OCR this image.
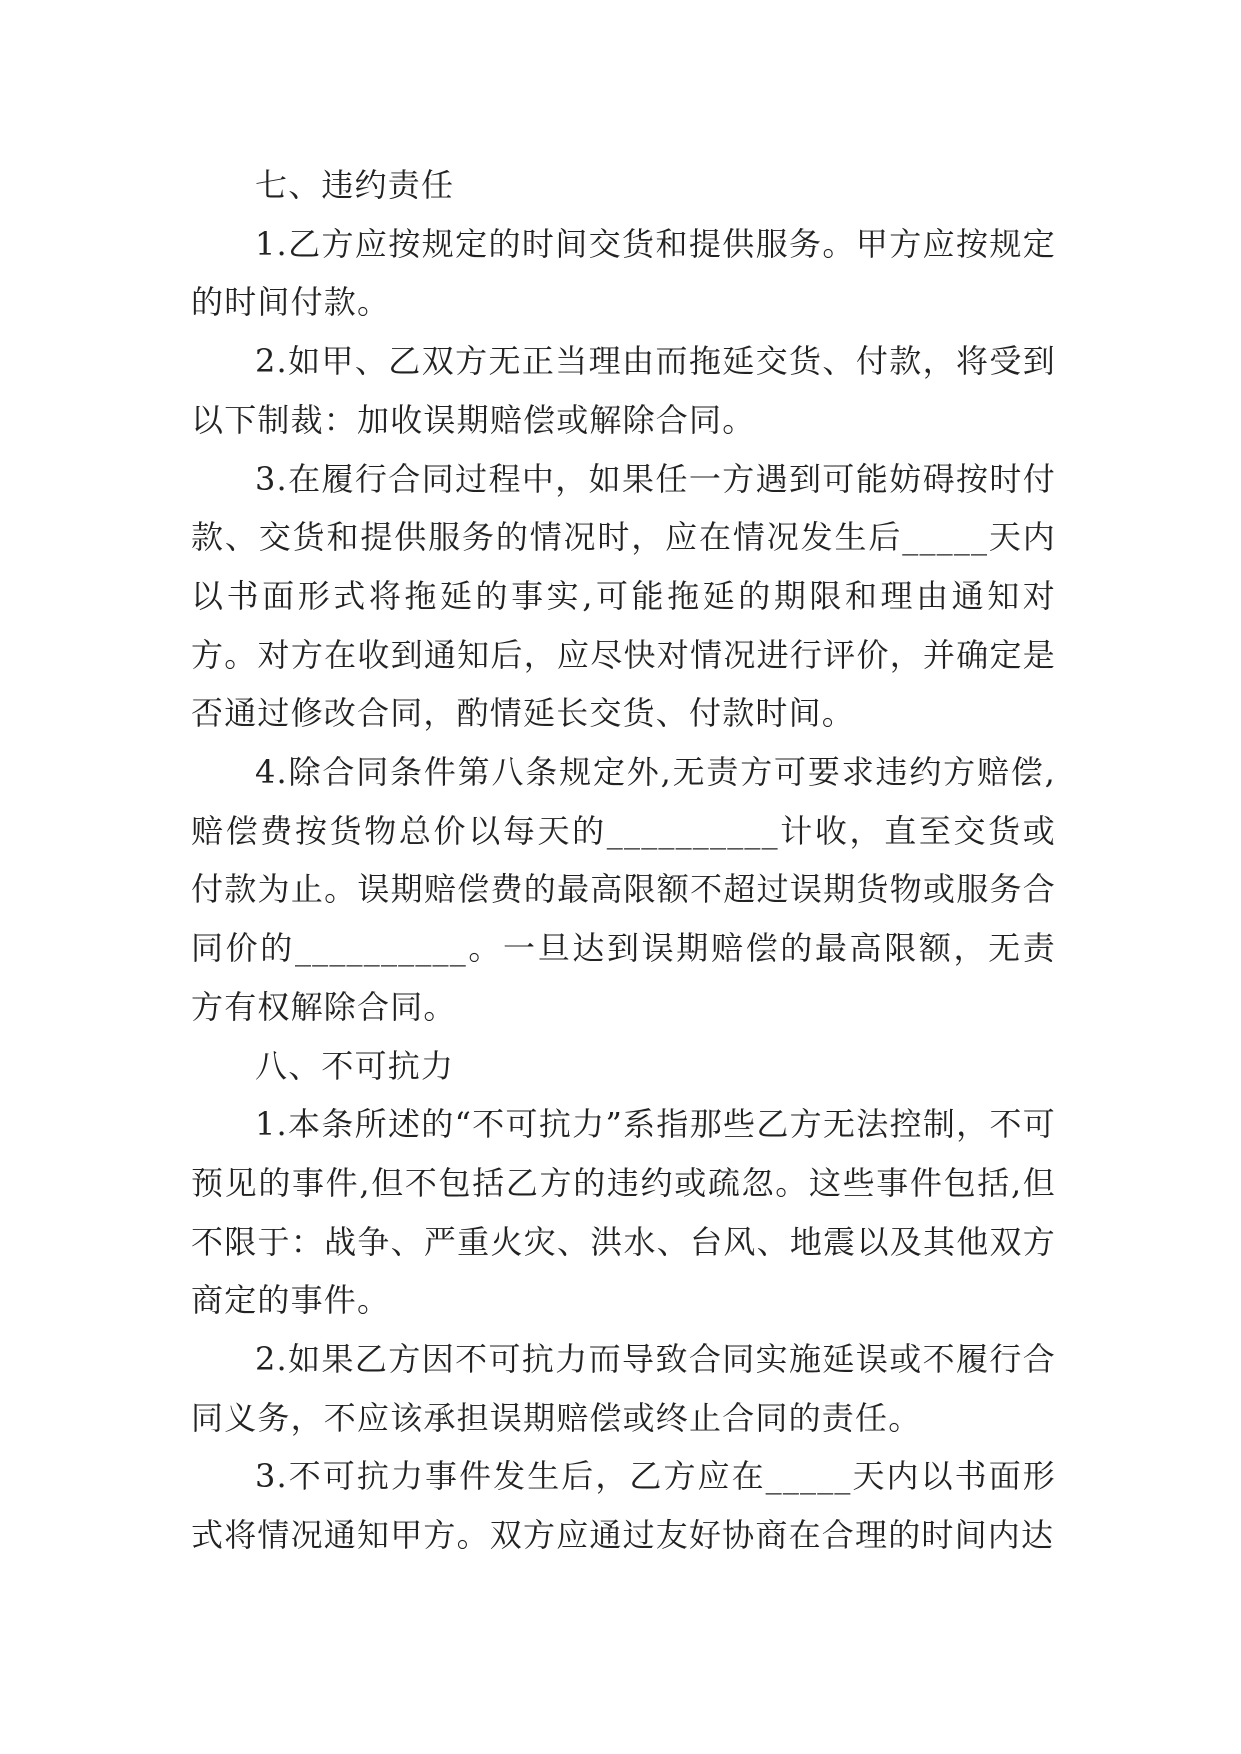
七、违约责任

1.乙方应按规定的时间交货和提供服务。甲方应按规定的时间付款。

2.如甲、乙双方无正当理由而拖延交货、付款，将受到以下制裁：加收误期赔偿或解除合同。

3.在履行合同过程中，如果任一方遇到可能妨碍按时付款、交货和提供服务的情况时，应在情况发生后_____天内以书面形式将拖延的事实,可能拖延的期限和理由通知对方。对方在收到通知后，应尽快对情况进行评价，并确定是否通过修改合同，酌情延长交货、付款时间。

4.除合同条件第八条规定外,无责方可要求违约方赔偿,赔偿费按货物总价以每天的__________计收，直至交货或付款为止。误期赔偿费的最高限额不超过误期货物或服务合同价的__________。一旦达到误期赔偿的最高限额，无责方有权解除合同。

八、不可抗力

1.本条所述的“不可抗力”系指那些乙方无法控制，不可预见的事件,但不包括乙方的违约或疏忽。这些事件包括,但不限于：战争、严重火灾、洪水、台风、地震以及其他双方商定的事件。

2.如果乙方因不可抗力而导致合同实施延误或不履行合同义务，不应该承担误期赔偿或终止合同的责任。

3.不可抗力事件发生后，乙方应在_____天内以书面形式将情况通知甲方。双方应通过友好协商在合理的时间内达
